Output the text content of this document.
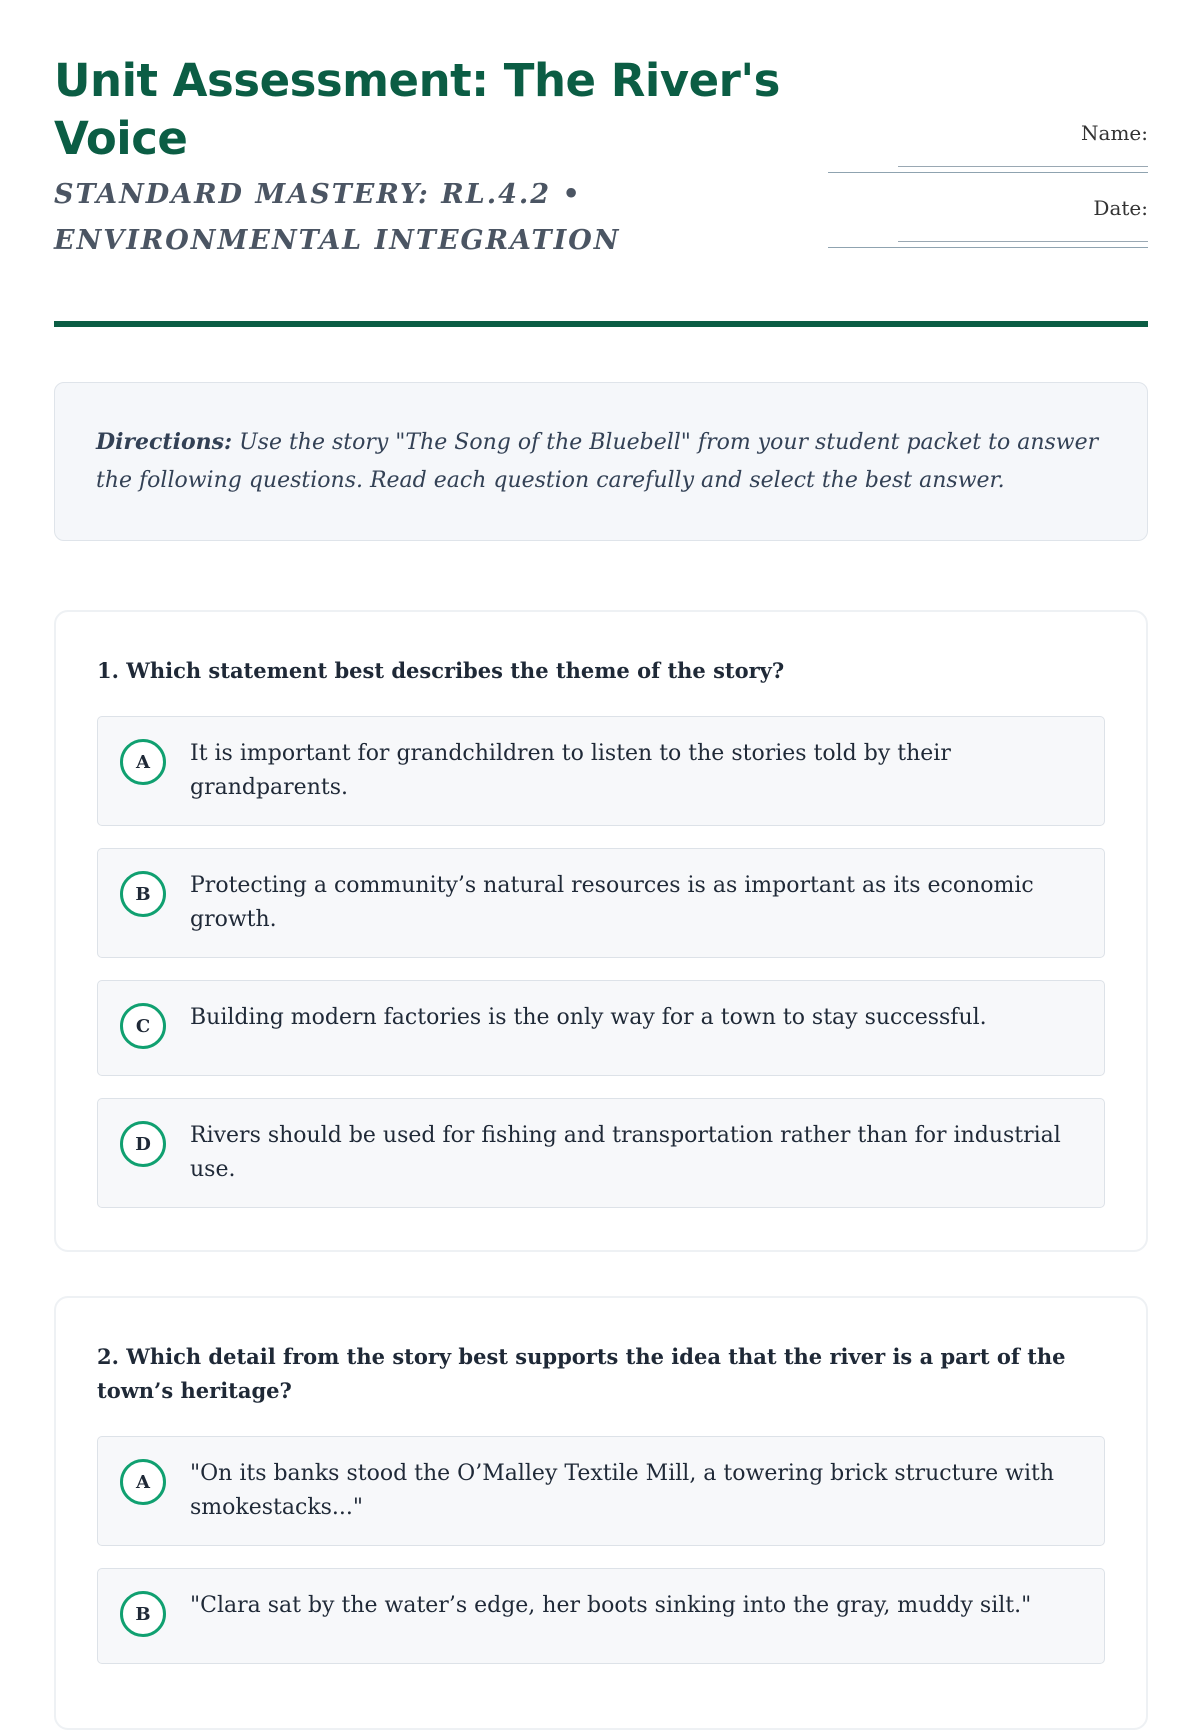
Unit Assessment: The River's Voice
STANDARD MASTERY: RL.4.2 • ENVIRONMENTAL INTEGRATION
Name:
Date:
Directions: Use the story "The Song of the Bluebell" from your student packet to answer the following questions. Read each question carefully and select the best answer.
1. Which statement best describes the theme of the story?
A	It is important for grandchildren to listen to the stories told by their grandparents.
B	Protecting a community’s natural resources is as important as its economic growth.
C	Building modern factories is the only way for a town to stay successful.
D	Rivers should be used for fishing and transportation rather than for industrial use.
2. Which detail from the story best supports the idea that the river is a part of the town’s heritage?
A	"On its banks stood the O’Malley Textile Mill, a towering brick structure with smokestacks..."
B	"Clara sat by the water’s edge, her boots sinking into the gray, muddy silt."
